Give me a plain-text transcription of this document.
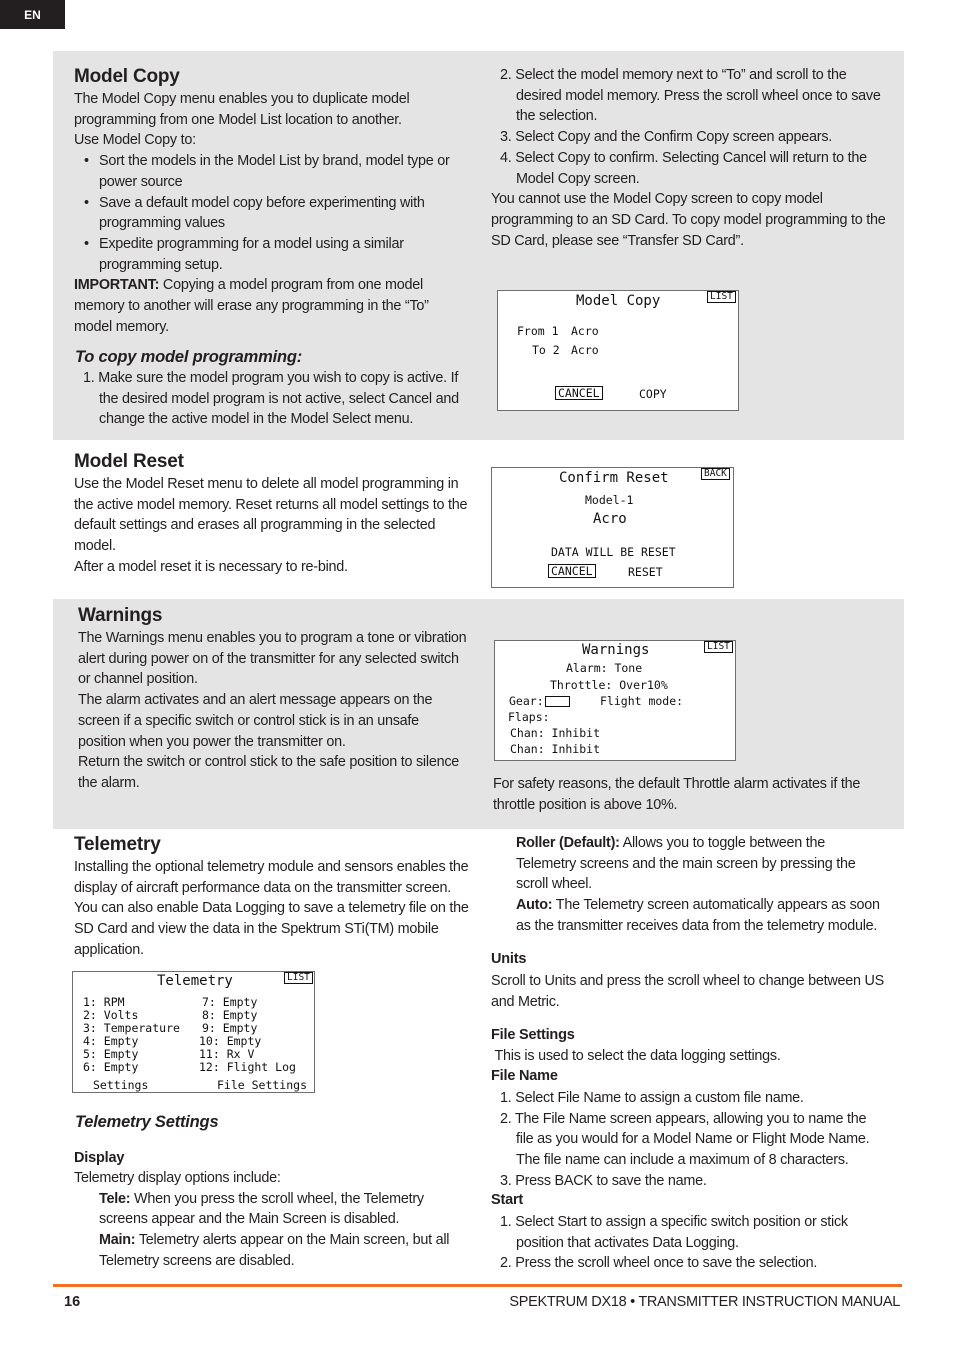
EN
Model Copy

The Model Copy menu enables you to duplicate model programming from one Model List location to another.

Use Model Copy to:

• Sort the models in the Model List by brand, model type or power source

• Save a default model copy before experimenting with programming values

• Expedite programming for a model using a similar programming setup.

IMPORTANT: Copying a model program from one model memory to another will erase any programming in the “To” model memory.

To copy model programming:

1. Make sure the model program you wish to copy is active. If the desired model program is not active, select Cancel and change the active model in the Model Select menu.

2. Select the model memory next to “To” and scroll to the desired model memory. Press the scroll wheel once to save the selection.

3. Select Copy and the Confirm Copy screen appears.

4. Select Copy to confirm. Selecting Cancel will return to the Model Copy screen.

You cannot use the Model Copy screen to copy model programming to an SD Card. To copy model programming to the SD Card, please see “Transfer SD Card”.

Model Copy	LIST
From 1 Acro
To 2 Acro
CANCEL	COPY
Model Reset

Use the Model Reset menu to delete all model programming in the active model memory. Reset returns all model settings to the default settings and erases all programming in the selected model.

After a model reset it is necessary to re-bind.

Confirm Reset	BACK
Model-1
Acro
DATA WILL BE RESET
CANCEL	RESET
Warnings

The Warnings menu enables you to program a tone or vibration alert during power on of the transmitter for any selected switch or channel position.

The alarm activates and an alert message appears on the screen if a specific switch or control stick is in an unsafe position when you power the transmitter on.

Return the switch or control stick to the safe position to silence the alarm.

Warnings	LIST
Alarm: Tone
Throttle: Over 10%
Gear:	Flight mode:
Flaps:
Chan: Inhibit
Chan: Inhibit
For safety reasons, the default Throttle alarm activates if the throttle position is above 10%.
Telemetry
Installing the optional telemetry module and sensors enables the display of aircraft performance data on the transmitter screen. You can also enable Data Logging to save a telemetry file on the SD Card and view the data in the Spektrum STi(TM) mobile application.
Telemetry	LIST
1: RPM
2: Volts
3: Temperature
4: Empty
5: Empty
6: Empty
7: Empty
8: Empty
9: Empty
10: Empty
11: Rx V
12: Flight Log
Settings	File Settings
Telemetry Settings
Display

Telemetry display options include:

Tele: When you press the scroll wheel, the Telemetry screens appear and the Main Screen is disabled.

Main: Telemetry alerts appear on the Main screen, but all Telemetry screens are disabled.

Roller (Default): Allows you to toggle between the Telemetry screens and the main screen by pressing the scroll wheel.

Auto: The Telemetry screen automatically appears as soon as the transmitter receives data from the telemetry module.

Units
Scroll to Units and press the scroll wheel to change between US and Metric.
File Settings
This is used to select the data logging settings.
File Name

1. Select File Name to assign a custom file name.

2. The File Name screen appears, allowing you to name the file as you would for a Model Name or Flight Mode Name. The file name can include a maximum of 8 characters.

3. Press BACK to save the name.

Start

1. Select Start to assign a specific switch position or stick position that activates Data Logging.

2. Press the scroll wheel once to save the selection.

16	SPEKTRUM DX18 • TRANSMITTER INSTRUCTION MANUAL
